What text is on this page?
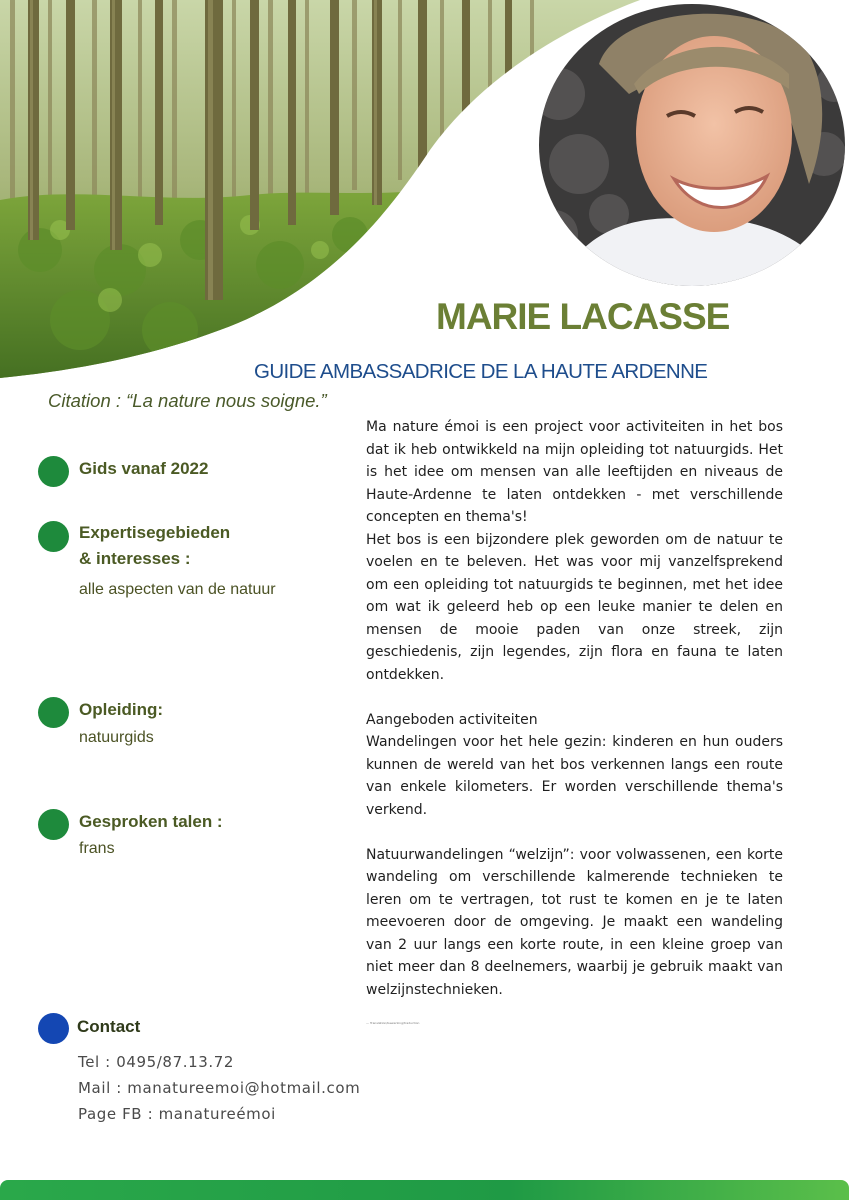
MARIE LACASSE
GUIDE AMBASSADRICE DE LA HAUTE ARDENNE
Citation : “La nature nous soigne.”
Gids vanaf 2022
Expertisegebieden
& interesses :
alle aspecten van de natuur
Opleiding:
natuurgids
Gesproken talen :
frans
Contact
Tel : 0495/87.13.72
Mail : manatureemoi@hotmail.com
Page FB : manatureémoi

Ma nature émoi is een project voor activiteiten in het bos dat ik heb ontwikkeld na mijn opleiding tot natuurgids. Het is het idee om mensen van alle leeftijden en niveaus de Haute-Ardenne te laten ontdekken - met verschillende concepten en thema's!

Het bos is een bijzondere plek geworden om de natuur te voelen en te beleven. Het was voor mij vanzelfsprekend om een opleiding tot natuurgids te beginnen, met het idee om wat ik geleerd heb op een leuke manier te delen en mensen de mooie paden van onze streek, zijn geschiedenis, zijn legendes, zijn flora en fauna te laten ontdekken.

Aangeboden activiteiten

Wandelingen voor het hele gezin: kinderen en hun ouders kunnen de wereld van het bos verkennen langs een route van enkele kilometers. Er worden verschillende thema's verkend.

Natuurwandelingen “welzijn”: voor volwassenen, een korte wandeling om verschillende kalmerende technieken te leren om te vertragen, tot rust te komen en je te laten meevoeren door de omgeving. Je maakt een wandeling van 2 uur langs een korte route, in een kleine groep van niet meer dan 8 deelnemers, waarbij je gebruik maakt van welzijnstechnieken.

— Translation/bewerking/traduction
